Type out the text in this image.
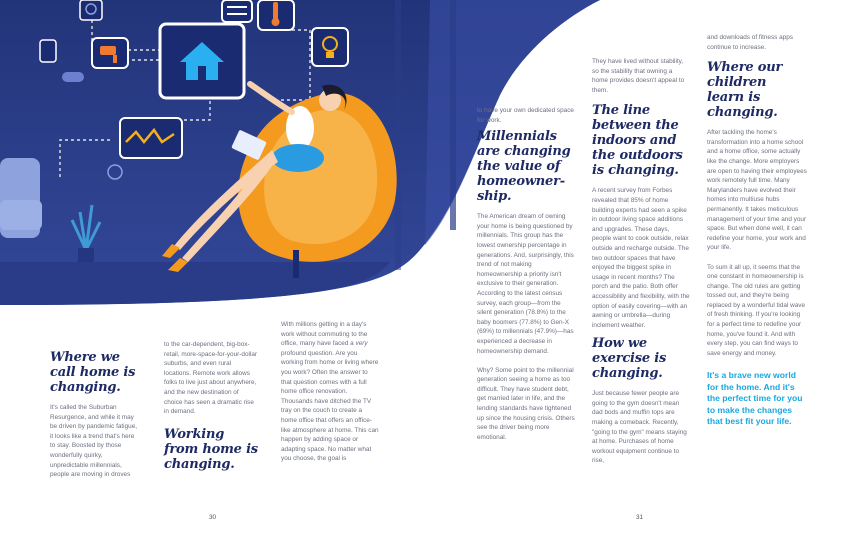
Where we call home is changing.

It's called the Suburban Resurgence, and while it may be driven by pandemic fatigue, it looks like a trend that's here to stay. Boosted by those wonderfully quirky, unpredictable millennials, people are moving in droves

to the car-dependent, big-box-retail, more-space-for-your-dollar suburbs, and even rural locations. Remote work allows folks to live just about anywhere, and the new destination of choice has seen a dramatic rise in demand.

Working from home is changing.

With millions getting in a day's work without commuting to the office, many have faced a very profound question. Are you working from home or living where you work? Often the answer to that question comes with a full home office renovation. Thousands have ditched the TV tray on the couch to create a home office that offers an office-like atmosphere at home. This can happen by adding space or adapting space. No matter what you choose, the goal is

30

to have your own dedicated space for work.

Millennials are changing the value of homeowner-ship.

The American dream of owning your home is being questioned by millennials. This group has the lowest ownership percentage in generations. And, surprisingly, this trend of not making homeownership a priority isn't exclusive to their generation. According to the latest census survey, each group—from the silent generation (78.8%) to the baby boomers (77.8%) to Gen-X (69%) to millennials (47.9%)—has experienced a decrease in homeownership demand.

Why? Some point to the millennial generation seeing a home as too difficult. They have student debt, get married later in life, and the lending standards have tightened up since the housing crisis. Others see the driver being more emotional.

They have lived without stability, so the stability that owning a home provides doesn't appeal to them.

The line between the indoors and the outdoors is changing.

A recent survey from Forbes revealed that 85% of home building experts had seen a spike in outdoor living space additions and upgrades. These days, people want to cook outside, relax outside and recharge outside. The two outdoor spaces that have enjoyed the biggest spike in usage in recent months? The porch and the patio. Both offer accessibility and flexibility, with the option of easily covering—with an awning or umbrella—during inclement weather.

How we exercise is changing.

Just because fewer people are going to the gym doesn't mean dad bods and muffin tops are making a comeback. Recently, "going to the gym" means staying at home. Purchases of home workout equipment continue to rise,

and downloads of fitness apps continue to increase.

Where our children learn is changing.

After tackling the home's transformation into a home school and a home office, some actually like the change. More employers are open to having their employees work remotely full time. Many Marylanders have evolved their homes into multiuse hubs permanently. It takes meticulous management of your time and your space. But when done well, it can redefine your home, your work and your life.

To sum it all up, it seems that the one constant in homeownership is change. The old rules are getting tossed out, and they're being replaced by a wonderful tidal wave of fresh thinking. If you're looking for a perfect time to redefine your home, you've found it. And with every step, you can find ways to save energy and money.

It's a brave new world for the home. And it's the perfect time for you to make the changes that best fit your life.
31
